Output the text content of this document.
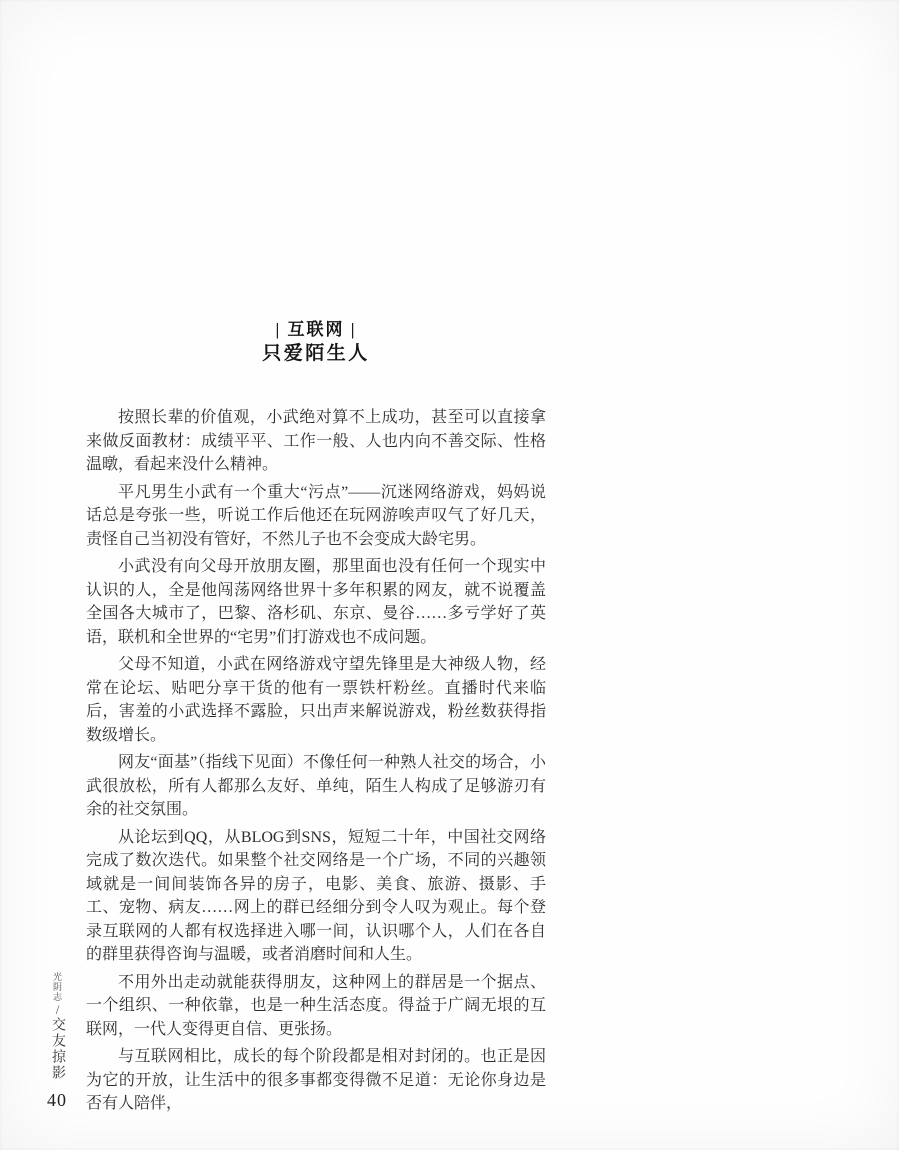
光阴志/交友掠影
40
| 互联网 |
只爱陌生人

按照长辈的价值观，小武绝对算不上成功，甚至可以直接拿来做反面教材：成绩平平、工作一般、人也内向不善交际、性格温暾，看起来没什么精神。

平凡男生小武有一个重大“污点”——沉迷网络游戏，妈妈说话总是夸张一些，听说工作后他还在玩网游唉声叹气了好几天，责怪自己当初没有管好，不然儿子也不会变成大龄宅男。

小武没有向父母开放朋友圈，那里面也没有任何一个现实中认识的人，全是他闯荡网络世界十多年积累的网友，就不说覆盖全国各大城市了，巴黎、洛杉矶、东京、曼谷……多亏学好了英语，联机和全世界的“宅男”们打游戏也不成问题。

父母不知道，小武在网络游戏守望先锋里是大神级人物，经常在论坛、贴吧分享干货的他有一票铁杆粉丝。直播时代来临后，害羞的小武选择不露脸，只出声来解说游戏，粉丝数获得指数级增长。

网友“面基”（指线下见面）不像任何一种熟人社交的场合，小武很放松，所有人都那么友好、单纯，陌生人构成了足够游刃有余的社交氛围。

从论坛到QQ，从BLOG到SNS，短短二十年，中国社交网络完成了数次迭代。如果整个社交网络是一个广场，不同的兴趣领域就是一间间装饰各异的房子，电影、美食、旅游、摄影、手工、宠物、病友……网上的群已经细分到令人叹为观止。每个登录互联网的人都有权选择进入哪一间，认识哪个人，人们在各自的群里获得咨询与温暖，或者消磨时间和人生。

不用外出走动就能获得朋友，这种网上的群居是一个据点、一个组织、一种依靠，也是一种生活态度。得益于广阔无垠的互联网，一代人变得更自信、更张扬。

与互联网相比，成长的每个阶段都是相对封闭的。也正是因为它的开放，让生活中的很多事都变得微不足道：无论你身边是否有人陪伴，
